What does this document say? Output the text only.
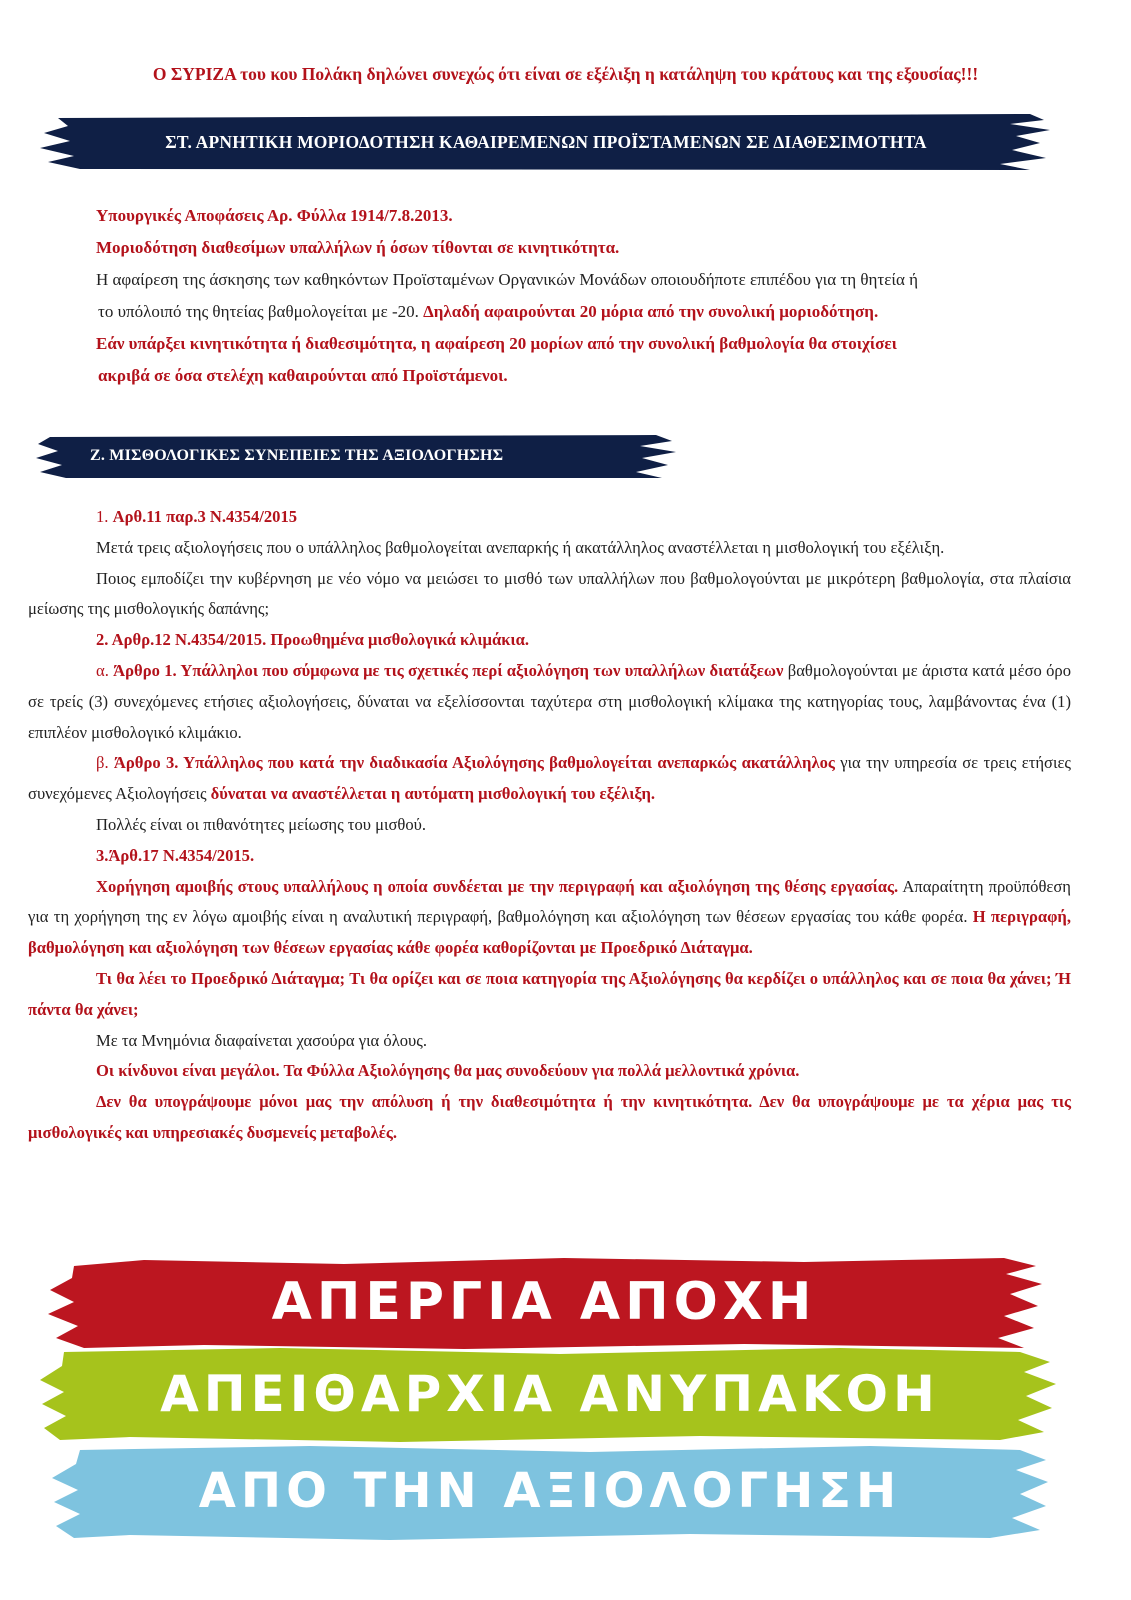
Ο ΣΥΡΙΖΑ του κου Πολάκη δηλώνει συνεχώς ότι είναι σε εξέλιξη η κατάληψη του κράτους και της εξουσίας!!!
ΣΤ. ΑΡΝΗΤΙΚΗ ΜΟΡΙΟΔΟΤΗΣΗ ΚΑΘΑΙΡΕΜΕΝΩΝ ΠΡΟΪΣΤΑΜΕΝΩΝ ΣΕ ΔΙΑΘΕΣΙΜΟΤΗΤΑ

Υπουργικές Αποφάσεις Αρ. Φύλλα 1914/7.8.2013.

Μοριοδότηση διαθεσίμων υπαλλήλων ή όσων τίθονται σε κινητικότητα.

Η αφαίρεση της άσκησης των καθηκόντων Προϊσταμένων Οργανικών Μονάδων οποιουδήποτε επιπέδου για τη θητεία ή

το υπόλοιπό της θητείας βαθμολογείται με -20. Δηλαδή αφαιρούνται 20 μόρια από την συνολική μοριοδότηση.

Εάν υπάρξει κινητικότητα ή διαθεσιμότητα, η αφαίρεση 20 μορίων από την συνολική βαθμολογία θα στοιχίσει

ακριβά σε όσα στελέχη καθαιρούνται από Προϊστάμενοι.

Ζ. ΜΙΣΘΟΛΟΓΙΚΕΣ ΣΥΝΕΠΕΙΕΣ ΤΗΣ ΑΞΙΟΛΟΓΗΣΗΣ

1. Αρθ.11 παρ.3 Ν.4354/2015

Μετά τρεις αξιολογήσεις που ο υπάλληλος βαθμολογείται ανεπαρκής ή ακατάλληλος αναστέλλεται η μισθολογική του εξέλιξη.

Ποιος εμποδίζει την κυβέρνηση με νέο νόμο να μειώσει το μισθό των υπαλλήλων που βαθμολογούνται με μικρότερη βαθμολογία, στα πλαίσια μείωσης της μισθολογικής δαπάνης;

2. Αρθρ.12 Ν.4354/2015. Προωθημένα μισθολογικά κλιμάκια.

α. Άρθρο 1. Υπάλληλοι που σύμφωνα με τις σχετικές περί αξιολόγηση των υπαλλήλων διατάξεων βαθμολογούνται με άριστα κατά μέσο όρο σε τρείς (3) συνεχόμενες ετήσιες αξιολογήσεις, δύναται να εξελίσσονται ταχύτερα στη μισθολογική κλίμακα της κατηγορίας τους, λαμβάνοντας ένα (1) επιπλέον μισθολογικό κλιμάκιο.

β. Άρθρο 3. Υπάλληλος που κατά την διαδικασία Αξιολόγησης βαθμολογείται ανεπαρκώς ακατάλληλος για την υπηρεσία σε τρεις ετήσιες συνεχόμενες Αξιολογήσεις δύναται να αναστέλλεται η αυτόματη μισθολογική του εξέλιξη.

Πολλές είναι οι πιθανότητες μείωσης του μισθού.

3.Άρθ.17 Ν.4354/2015.

Χορήγηση αμοιβής στους υπαλλήλους η οποία συνδέεται με την περιγραφή και αξιολόγηση της θέσης εργασίας. Απαραίτητη προϋπόθεση για τη χορήγηση της εν λόγω αμοιβής είναι η αναλυτική περιγραφή, βαθμολόγηση και αξιολόγηση των θέσεων εργασίας του κάθε φορέα. Η περιγραφή, βαθμολόγηση και αξιολόγηση των θέσεων εργασίας κάθε φορέα καθορίζονται με Προεδρικό Διάταγμα.

Τι θα λέει το Προεδρικό Διάταγμα; Τι θα ορίζει και σε ποια κατηγορία της Αξιολόγησης θα κερδίζει ο υπάλληλος και σε ποια θα χάνει; Ή πάντα θα χάνει;

Με τα Μνημόνια διαφαίνεται χασούρα για όλους.

Οι κίνδυνοι είναι μεγάλοι. Τα Φύλλα Αξιολόγησης θα μας συνοδεύουν για πολλά μελλοντικά χρόνια.

Δεν θα υπογράψουμε μόνοι μας την απόλυση ή την διαθεσιμότητα ή την κινητικότητα. Δεν θα υπογράψουμε με τα χέρια μας τις μισθολογικές και υπηρεσιακές δυσμενείς μεταβολές.

ΑΠΕΡΓΙΑ ΑΠΟΧΗ
ΑΠΕΙΘΑΡΧΙΑ ΑΝΥΠΑΚΟΗ
ΑΠΟ ΤΗΝ ΑΞΙΟΛΟΓΗΣΗ
